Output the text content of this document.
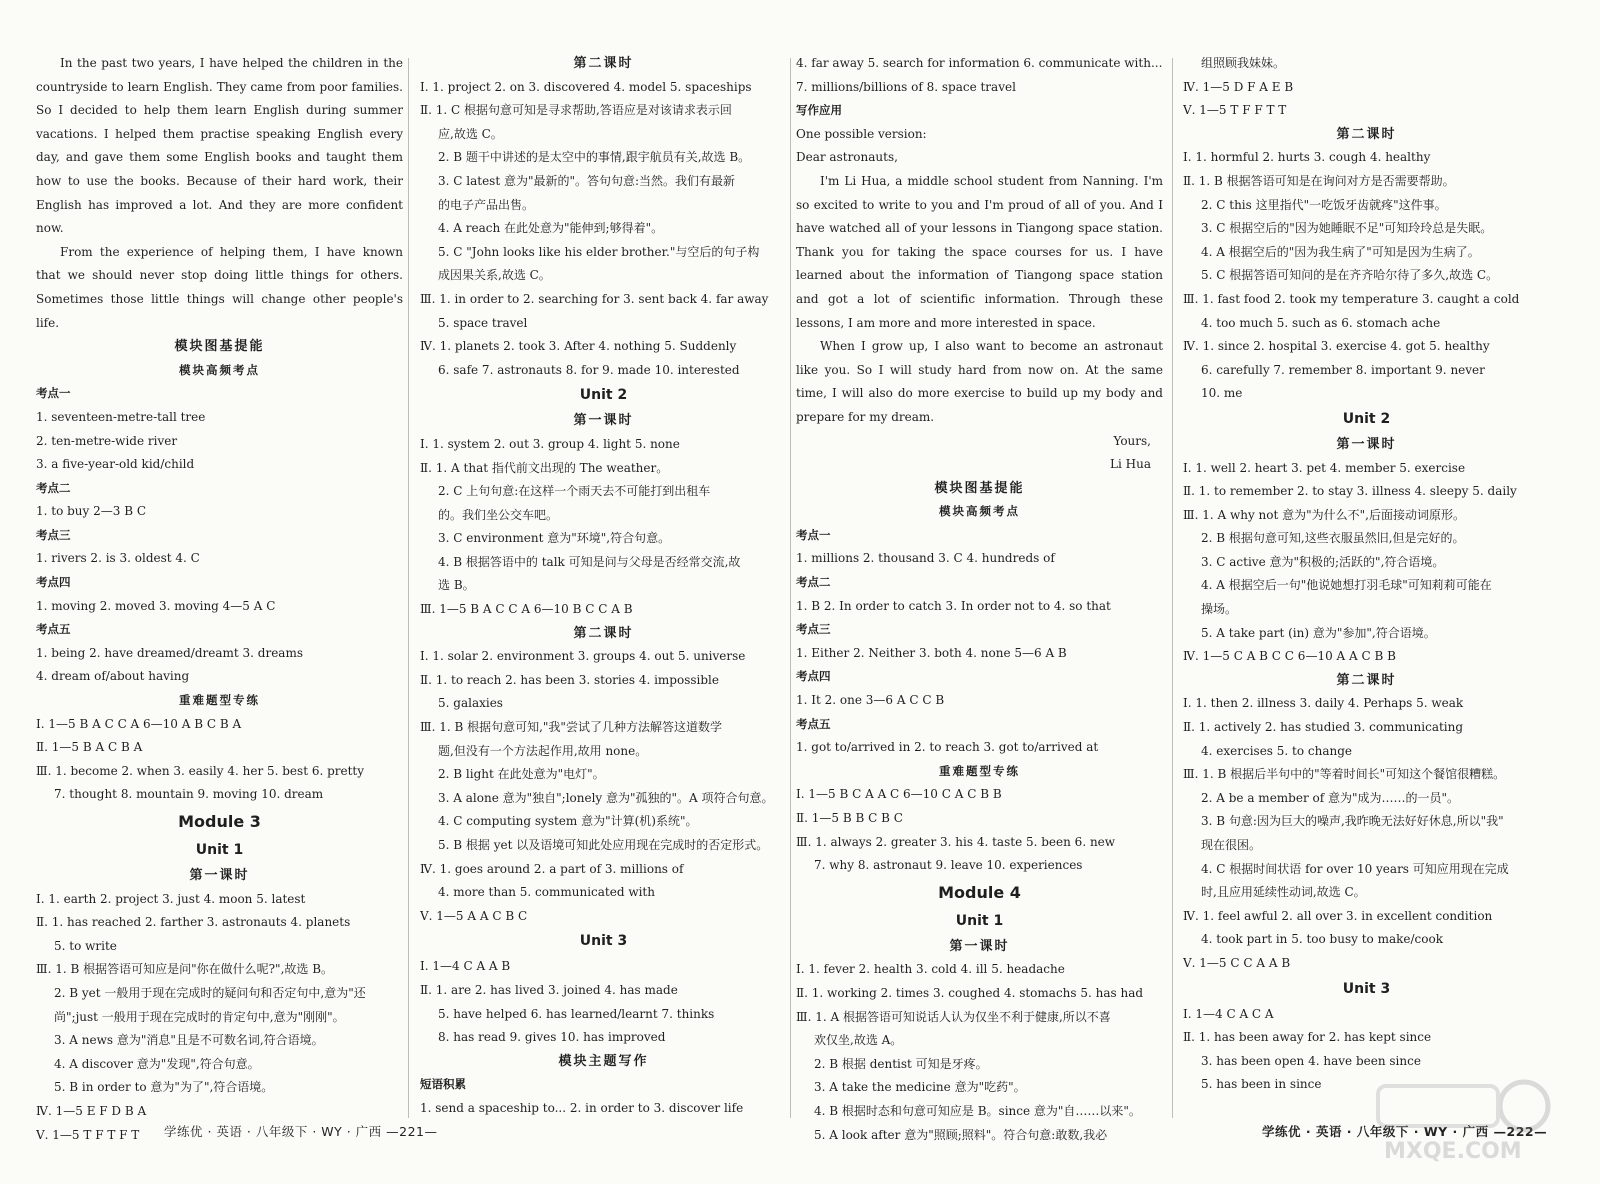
In the past two years, I have helped the children in the countryside to learn English. They came from poor families. So I decided to help them learn English during summer vacations. I helped them practise speaking English every day, and gave them some English books and taught them how to use the books. Because of their hard work, their English has improved a lot. And they are more confident now.
From the experience of helping them, I have known that we should never stop doing little things for others. Sometimes those little things will change other people's life.
模块图基提能
模块高频考点
考点一
1. seventeen-metre-tall tree
2. ten-metre-wide river
3. a five-year-old kid/child
考点二
1. to buy 2—3 B C
考点三
1. rivers 2. is 3. oldest 4. C
考点四
1. moving 2. moved 3. moving 4—5 A C
考点五
1. being 2. have dreamed/dreamt 3. dreams
4. dream of/about having
重难题型专练
Ⅰ. 1—5 B A C C A 6—10 A B C B A
Ⅱ. 1—5 B A C B A
Ⅲ. 1. become 2. when 3. easily 4. her 5. best 6. pretty
7. thought 8. mountain 9. moving 10. dream
Module 3
Unit 1
第一课时
Ⅰ. 1. earth 2. project 3. just 4. moon 5. latest
Ⅱ. 1. has reached 2. farther 3. astronauts 4. planets
5. to write
Ⅲ. 1. B 根据答语可知应是问"你在做什么呢?",故选 B。
2. B yet 一般用于现在完成时的疑问句和否定句中,意为"还
尚";just 一般用于现在完成时的肯定句中,意为"刚刚"。
3. A news 意为"消息"且是不可数名词,符合语境。
4. A discover 意为"发现",符合句意。
5. B in order to 意为"为了",符合语境。
Ⅳ. 1—5 E F D B A
Ⅴ. 1—5 T F T F T
第二课时
Ⅰ. 1. project 2. on 3. discovered 4. model 5. spaceships
Ⅱ. 1. C 根据句意可知是寻求帮助,答语应是对该请求表示回
应,故选 C。
2. B 题干中讲述的是太空中的事情,跟宇航员有关,故选 B。
3. C latest 意为"最新的"。答句句意:当然。我们有最新
的电子产品出售。
4. A reach 在此处意为"能伸到;够得着"。
5. C "John looks like his elder brother."与空后的句子构
成因果关系,故选 C。
Ⅲ. 1. in order to 2. searching for 3. sent back 4. far away
5. space travel
Ⅳ. 1. planets 2. took 3. After 4. nothing 5. Suddenly
6. safe 7. astronauts 8. for 9. made 10. interested
Unit 2
第一课时
Ⅰ. 1. system 2. out 3. group 4. light 5. none
Ⅱ. 1. A that 指代前文出现的 The weather。
2. C 上句句意:在这样一个雨天去不可能打到出租车
的。我们坐公交车吧。
3. C environment 意为"环境",符合句意。
4. B 根据答语中的 talk 可知是问与父母是否经常交流,故
选 B。
Ⅲ. 1—5 B A C C A 6—10 B C C A B
第二课时
Ⅰ. 1. solar 2. environment 3. groups 4. out 5. universe
Ⅱ. 1. to reach 2. has been 3. stories 4. impossible
5. galaxies
Ⅲ. 1. B 根据句意可知,"我"尝试了几种方法解答这道数学
题,但没有一个方法起作用,故用 none。
2. B light 在此处意为"电灯"。
3. A alone 意为"独自";lonely 意为"孤独的"。A 项符合句意。
4. C computing system 意为"计算(机)系统"。
5. B 根据 yet 以及语境可知此处应用现在完成时的否定形式。
Ⅳ. 1. goes around 2. a part of 3. millions of
4. more than 5. communicated with
Ⅴ. 1—5 A A C B C
Unit 3
Ⅰ. 1—4 C A A B
Ⅱ. 1. are 2. has lived 3. joined 4. has made
5. have helped 6. has learned/learnt 7. thinks
8. has read 9. gives 10. has improved
模块主题写作
短语积累
1. send a spaceship to... 2. in order to 3. discover life
4. far away 5. search for information 6. communicate with...
7. millions/billions of 8. space travel
写作应用
One possible version:
Dear astronauts,
I'm Li Hua, a middle school student from Nanning. I'm so excited to write to you and I'm proud of all of you. And I have watched all of your lessons in Tiangong space station. Thank you for taking the space courses for us. I have learned about the information of Tiangong space station and got a lot of scientific information. Through these lessons, I am more and more interested in space.
When I grow up, I also want to become an astronaut like you. So I will study hard from now on. At the same time, I will also do more exercise to build up my body and prepare for my dream.
Yours,
Li Hua
模块图基提能
模块高频考点
考点一
1. millions 2. thousand 3. C 4. hundreds of
考点二
1. B 2. In order to catch 3. In order not to 4. so that
考点三
1. Either 2. Neither 3. both 4. none 5—6 A B
考点四
1. It 2. one 3—6 A C C B
考点五
1. got to/arrived in 2. to reach 3. got to/arrived at
重难题型专练
Ⅰ. 1—5 B C A A C 6—10 C A C B B
Ⅱ. 1—5 B B C B C
Ⅲ. 1. always 2. greater 3. his 4. taste 5. been 6. new
7. why 8. astronaut 9. leave 10. experiences
Module 4
Unit 1
第一课时
Ⅰ. 1. fever 2. health 3. cold 4. ill 5. headache
Ⅱ. 1. working 2. times 3. coughed 4. stomachs 5. has had
Ⅲ. 1. A 根据答语可知说话人认为仅坐不利于健康,所以不喜
欢仅坐,故选 A。
2. B 根据 dentist 可知是牙疼。
3. A take the medicine 意为"吃药"。
4. B 根据时态和句意可知应是 B。since 意为"自……以来"。
5. A look after 意为"照顾;照料"。符合句意:敢数,我必
组照顾我妹妹。
Ⅳ. 1—5 D F A E B
Ⅴ. 1—5 T F F T T
第二课时
Ⅰ. 1. hormful 2. hurts 3. cough 4. healthy
Ⅱ. 1. B 根据答语可知是在询问对方是否需要帮助。
2. C this 这里指代"一吃饭牙齿就疼"这件事。
3. C 根据空后的"因为她睡眠不足"可知玲玲总是失眠。
4. A 根据空后的"因为我生病了"可知是因为生病了。
5. C 根据答语可知问的是在齐齐哈尔待了多久,故选 C。
Ⅲ. 1. fast food 2. took my temperature 3. caught a cold
4. too much 5. such as 6. stomach ache
Ⅳ. 1. since 2. hospital 3. exercise 4. got 5. healthy
6. carefully 7. remember 8. important 9. never
10. me
Unit 2
第一课时
Ⅰ. 1. well 2. heart 3. pet 4. member 5. exercise
Ⅱ. 1. to remember 2. to stay 3. illness 4. sleepy 5. daily
Ⅲ. 1. A why not 意为"为什么不",后面接动词原形。
2. B 根据句意可知,这些衣服虽然旧,但是完好的。
3. C active 意为"积极的;活跃的",符合语境。
4. A 根据空后一句"他说她想打羽毛球"可知莉莉可能在
操场。
5. A take part (in) 意为"参加",符合语境。
Ⅳ. 1—5 C A B C C 6—10 A A C B B
第二课时
Ⅰ. 1. then 2. illness 3. daily 4. Perhaps 5. weak
Ⅱ. 1. actively 2. has studied 3. communicating
4. exercises 5. to change
Ⅲ. 1. B 根据后半句中的"等着时间长"可知这个餐馆很糟糕。
2. A be a member of 意为"成为……的一员"。
3. B 句意:因为巨大的噪声,我昨晚无法好好休息,所以"我"
现在很困。
4. C 根据时间状语 for over 10 years 可知应用现在完成
时,且应用延续性动词,故选 C。
Ⅳ. 1. feel awful 2. all over 3. in excellent condition
4. took part in 5. too busy to make/cook
Ⅴ. 1—5 C C A A B
Unit 3
Ⅰ. 1—4 C A C A
Ⅱ. 1. has been away for 2. has kept since
3. has been open 4. have been since
5. has been in since
学练优 · 英语 · 八年级下 · WY · 广西 —221—	学练优 · 英语 · 八年级下 · WY · 广西 —222—
MXQE.COM
